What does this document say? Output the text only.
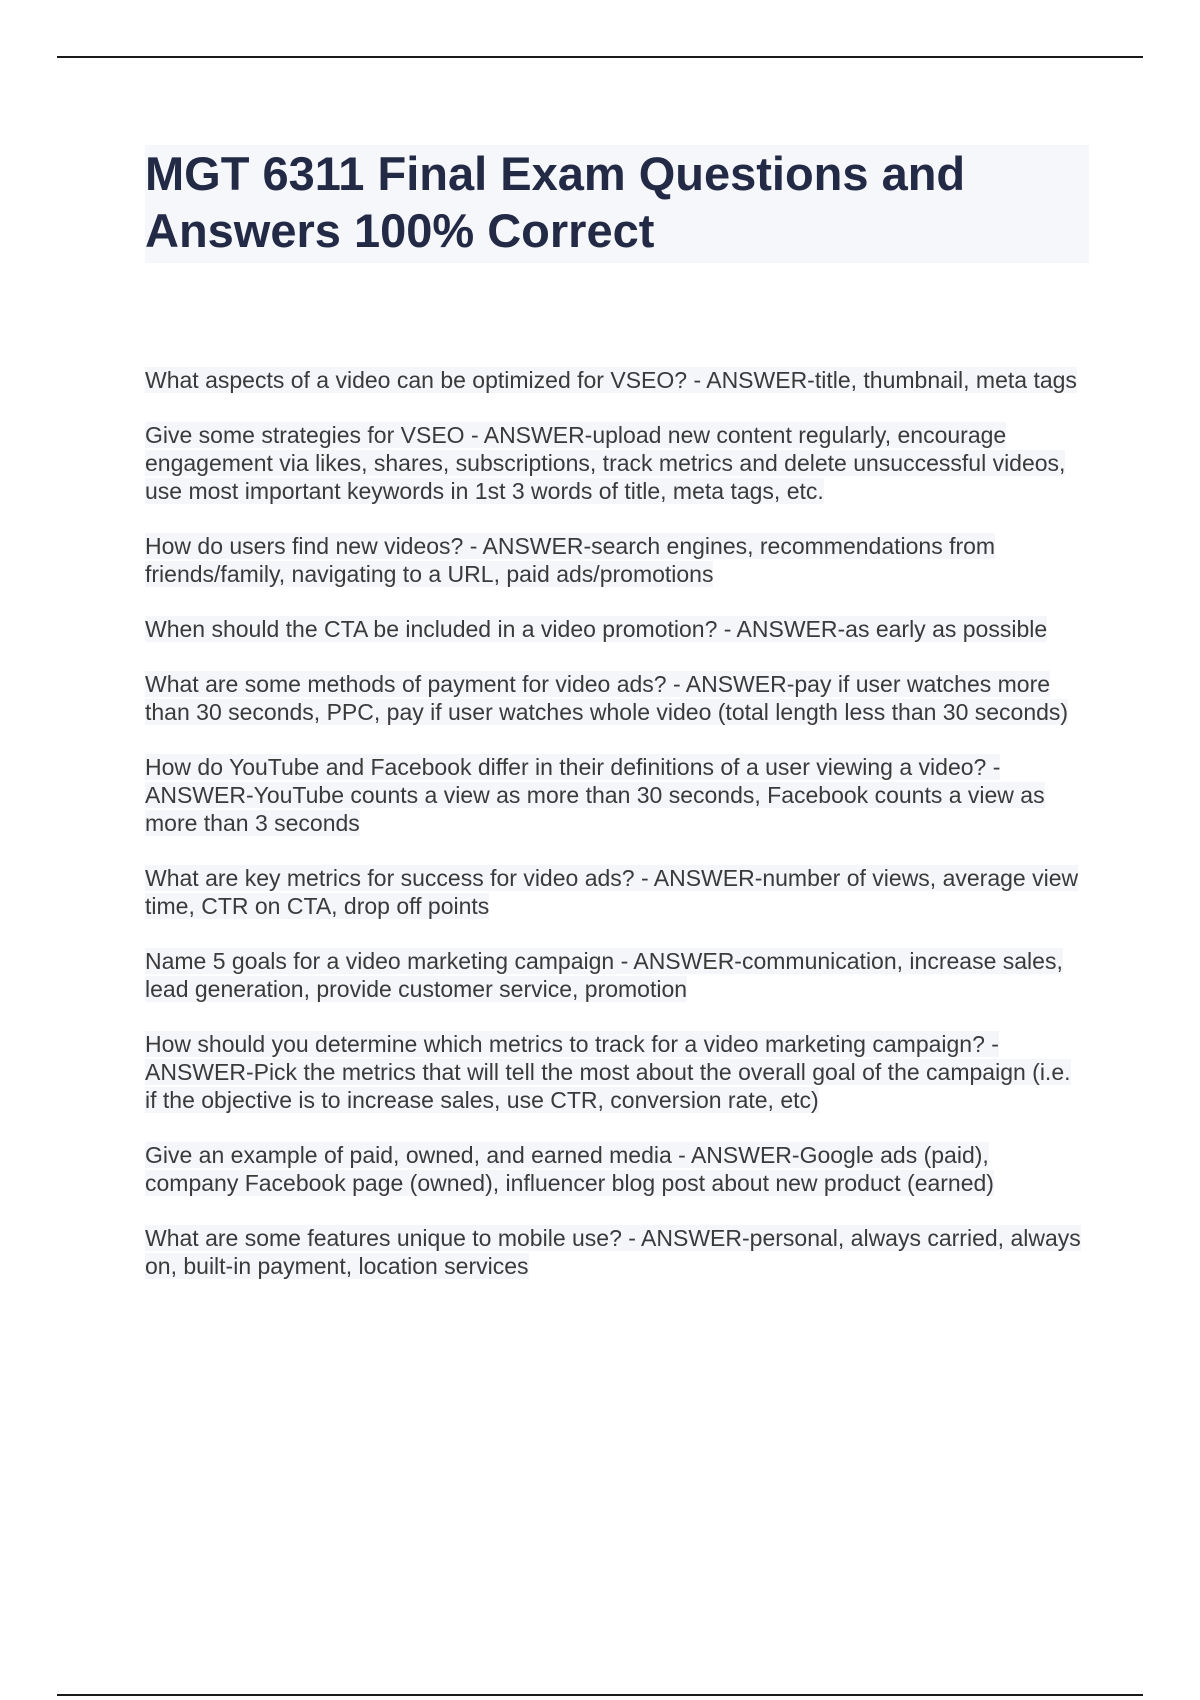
MGT 6311 Final Exam Questions and Answers 100% Correct

What aspects of a video can be optimized for VSEO? - ANSWER-title, thumbnail, meta tags

Give some strategies for VSEO - ANSWER-upload new content regularly, encourage engagement via likes, shares, subscriptions, track metrics and delete unsuccessful videos, use most important keywords in 1st 3 words of title, meta tags, etc.

How do users find new videos? - ANSWER-search engines, recommendations from friends/family, navigating to a URL, paid ads/promotions

When should the CTA be included in a video promotion? - ANSWER-as early as possible

What are some methods of payment for video ads? - ANSWER-pay if user watches more than 30 seconds, PPC, pay if user watches whole video (total length less than 30 seconds)

How do YouTube and Facebook differ in their definitions of a user viewing a video? - ANSWER-YouTube counts a view as more than 30 seconds, Facebook counts a view as more than 3 seconds

What are key metrics for success for video ads? - ANSWER-number of views, average view time, CTR on CTA, drop off points

Name 5 goals for a video marketing campaign - ANSWER-communication, increase sales, lead generation, provide customer service, promotion

How should you determine which metrics to track for a video marketing campaign? - ANSWER-Pick the metrics that will tell the most about the overall goal of the campaign (i.e. if the objective is to increase sales, use CTR, conversion rate, etc)

Give an example of paid, owned, and earned media - ANSWER-Google ads (paid), company Facebook page (owned), influencer blog post about new product (earned)

What are some features unique to mobile use? - ANSWER-personal, always carried, always on, built-in payment, location services
